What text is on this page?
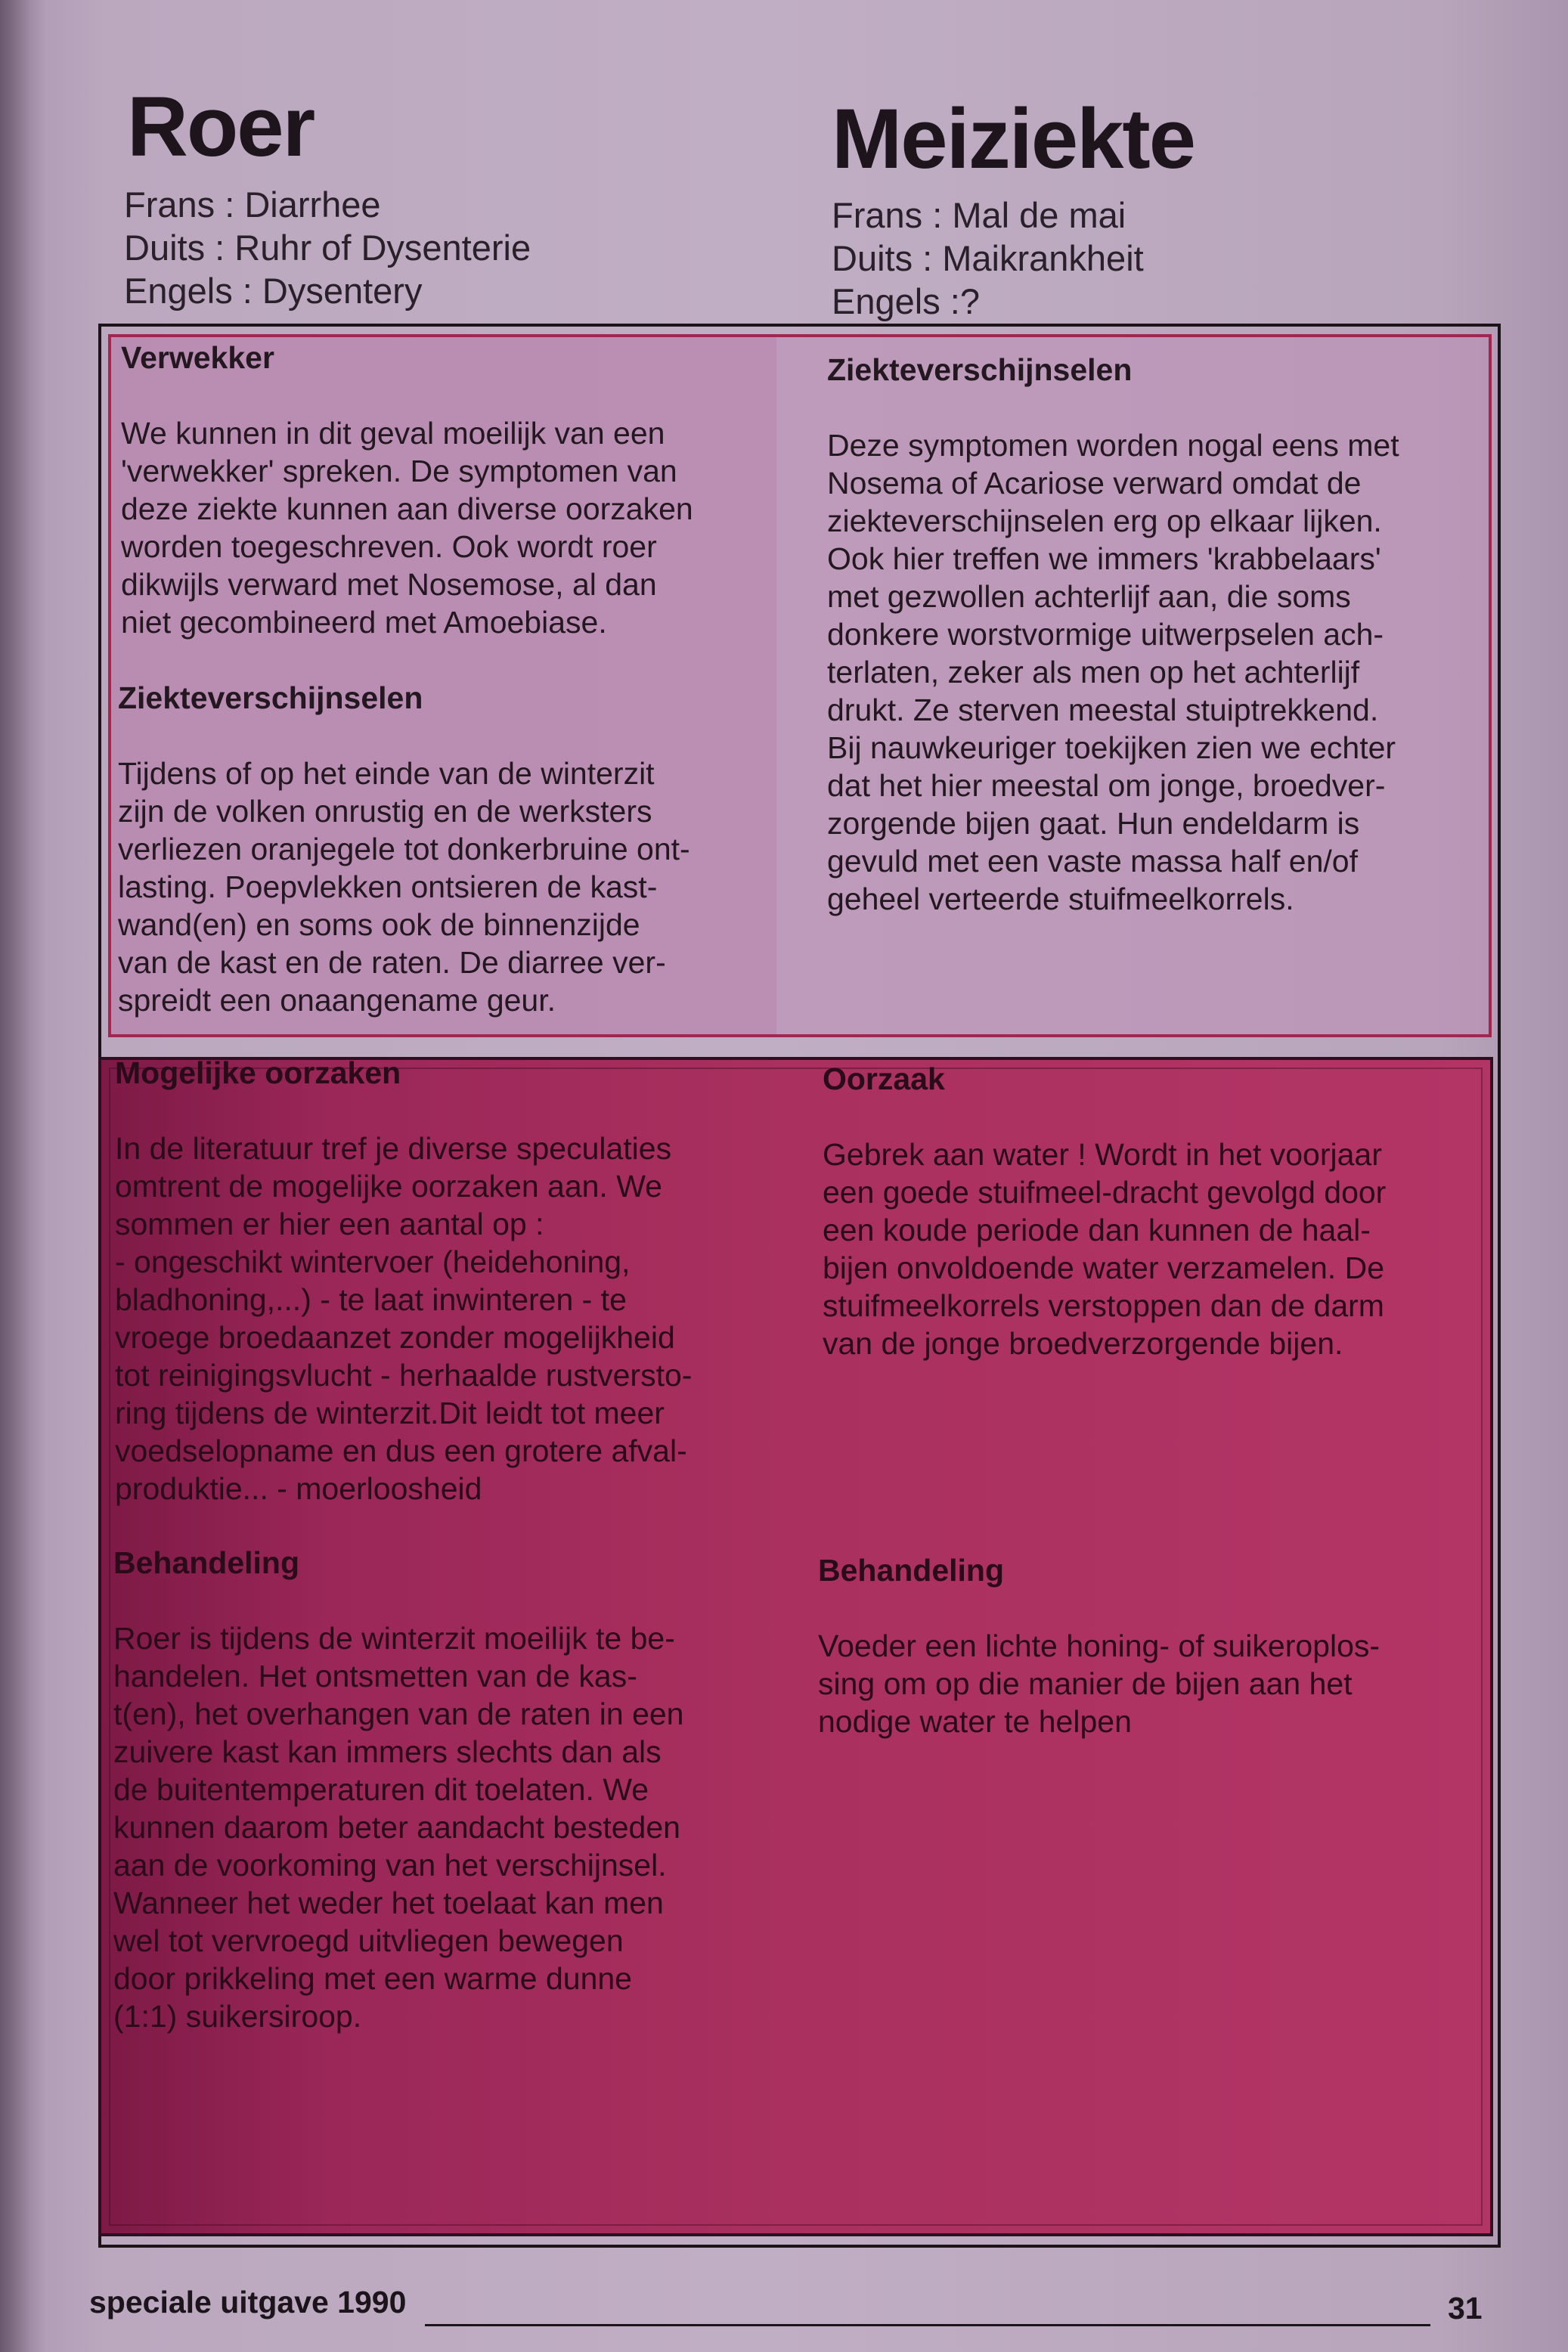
Roer
Frans : Diarrhee
Duits : Ruhr of Dysenterie
Engels : Dysentery
Meiziekte
Frans : Mal de mai
Duits : Maikrankheit
Engels :?
Verwekker

We kunnen in dit geval moeilijk van een

'verwekker' spreken. De symptomen van

deze ziekte kunnen aan diverse oorzaken

worden toegeschreven. Ook wordt roer

dikwijls verward met Nosemose, al dan

niet gecombineerd met Amoebiase.

Ziekteverschijnselen

Tijdens of op het einde van de winterzit

zijn de volken onrustig en de werksters

verliezen oranjegele tot donkerbruine ont-

lasting. Poepvlekken ontsieren de kast-

wand(en) en soms ook de binnenzijde

van de kast en de raten. De diarree ver-

spreidt een onaangename geur.

Ziekteverschijnselen

Deze symptomen worden nogal eens met

Nosema of Acariose verward omdat de

ziekteverschijnselen erg op elkaar lijken.

Ook hier treffen we immers 'krabbelaars'

met gezwollen achterlijf aan, die soms

donkere worstvormige uitwerpselen ach-

terlaten, zeker als men op het achterlijf

drukt. Ze sterven meestal stuiptrekkend.

Bij nauwkeuriger toekijken zien we echter

dat het hier meestal om jonge, broedver-

zorgende bijen gaat. Hun endeldarm is

gevuld met een vaste massa half en/of

geheel verteerde stuifmeelkorrels.

Mogelijke oorzaken

In de literatuur tref je diverse speculaties

omtrent de mogelijke oorzaken aan. We

sommen er hier een aantal op :

- ongeschikt wintervoer (heidehoning,

bladhoning,...) - te laat inwinteren - te

vroege broedaanzet zonder mogelijkheid

tot reinigingsvlucht - herhaalde rustversto-

ring tijdens de winterzit.Dit leidt tot meer

voedselopname en dus een grotere afval-

produktie... - moerloosheid

Behandeling

Roer is tijdens de winterzit moeilijk te be-

handelen. Het ontsmetten van de kas-

t(en), het overhangen van de raten in een

zuivere kast kan immers slechts dan als

de buitentemperaturen dit toelaten. We

kunnen daarom beter aandacht besteden

aan de voorkoming van het verschijnsel.

Wanneer het weder het toelaat kan men

wel tot vervroegd uitvliegen bewegen

door prikkeling met een warme dunne

(1:1) suikersiroop.

Oorzaak

Gebrek aan water ! Wordt in het voorjaar

een goede stuifmeel-dracht gevolgd door

een koude periode dan kunnen de haal-

bijen onvoldoende water verzamelen. De

stuifmeelkorrels verstoppen dan de darm

van de jonge broedverzorgende bijen.

Behandeling

Voeder een lichte honing- of suikeroplos-

sing om op die manier de bijen aan het

nodige water te helpen

speciale uitgave 1990	31
